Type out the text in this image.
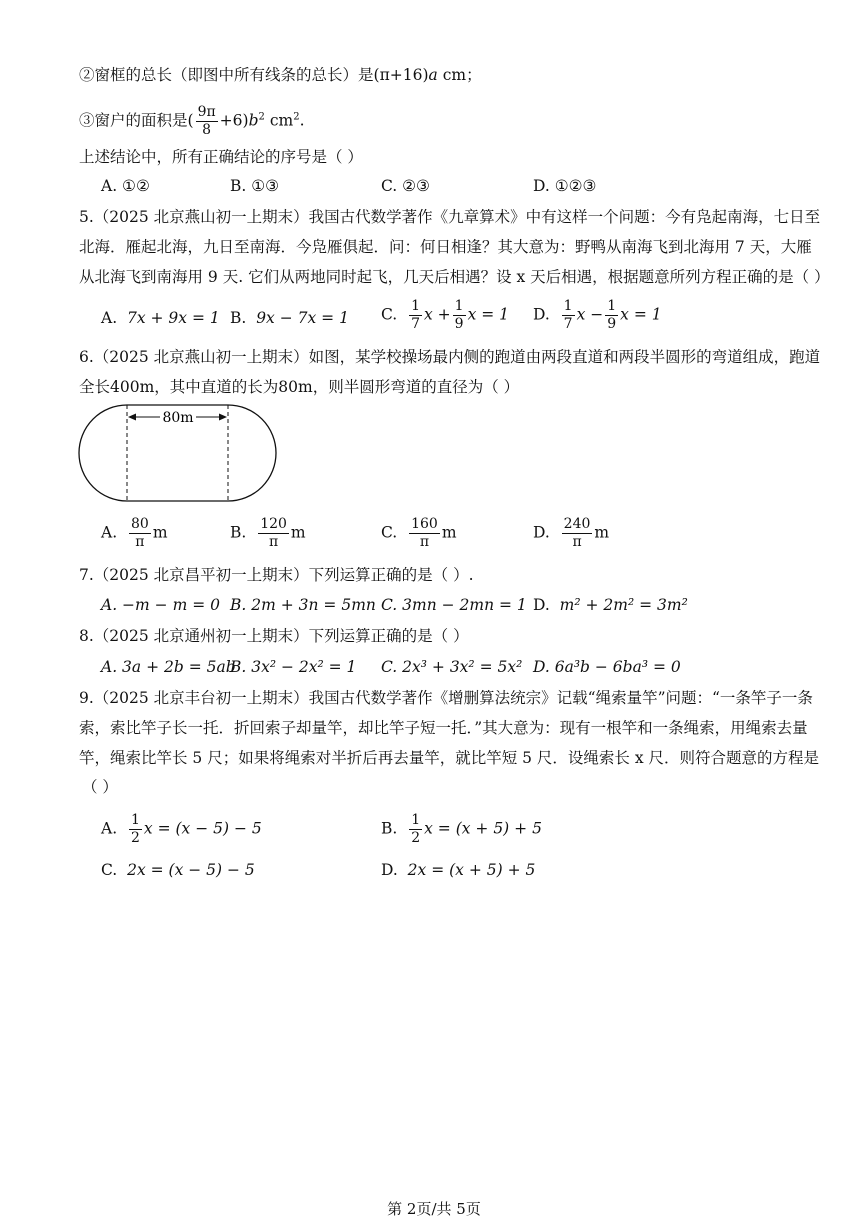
②窗框的总长（即图中所有线条的总长）是(π+16)a cm；
③窗户的面积是( $\frac{9\pi}{8} +6)b^2$ $cm^2$.
上述结论中，所有正确结论的序号是（ ）
A. ①②	B. ①③	C. ②③	D. ①②③
5.（2025 北京燕山初一上期末）我国古代数学著作《九章算术》中有这样一个问题：今有凫起南海，七日至
北海．雁起北海，九日至南海．今凫雁俱起．问：何日相逢？其大意为：野鸭从南海飞到北海用 7 天，大雁
从北海飞到南海用 9 天. 它们从两地同时起飞，几天后相遇？设 x 天后相遇，根据题意所列方程正确的是（ ）
A. 7x + 9x = 1 B. 9x − 7x = 1 C. $\frac{1}{7}$ $x + \frac{1}{9}$ x = 1 D. $\frac{1}{7}$ $x - \frac{1}{9}$ x = 1
6.（2025 北京燕山初一上期末）如图，某学校操场最内侧的跑道由两段直道和两段半圆形的弯道组成，跑道
全长400m，其中直道的长为80m，则半圆形弯道的直径为（ ）
80m
A. $\frac{80}{\pi}$ m	B. $\frac{120}{\pi}$ m	C. $\frac{160}{\pi}$ m	D. $\frac{240}{\pi}$ m
7.（2025 北京昌平初一上期末）下列运算正确的是（ ）.
A. −m − m = 0 B. 2m + 3n = 5mn C. 3mn − 2mn = 1 D. m² + 2m² = 3m²
8.（2025 北京通州初一上期末）下列运算正确的是（ ）
A. 3a + 2b = 5ab
B. 3x² − 2x² = 1 C. 2x³ + 3x² = 5x² D. 6a³b − 6ba³ = 0
9.（2025 北京丰台初一上期末）我国古代数学著作《增删算法统宗》记载“绳索量竿”问题：“一条竿子一条
索，索比竿子长一托．折回索子却量竿，却比竿子短一托．”其大意为：现有一根竿和一条绳索，用绳索去量
竿，绳索比竿长 5 尺；如果将绳索对半折后再去量竿，就比竿短 5 尺．设绳索长 x 尺．则符合题意的方程是
（ ）
A. $\frac{1}{2}$ x = (x − 5) − 5	B. $\frac{1}{2}$ x = (x + 5) + 5
C. 2x = (x − 5) − 5	D. 2x = (x + 5) + 5
第 2页/共 5页
